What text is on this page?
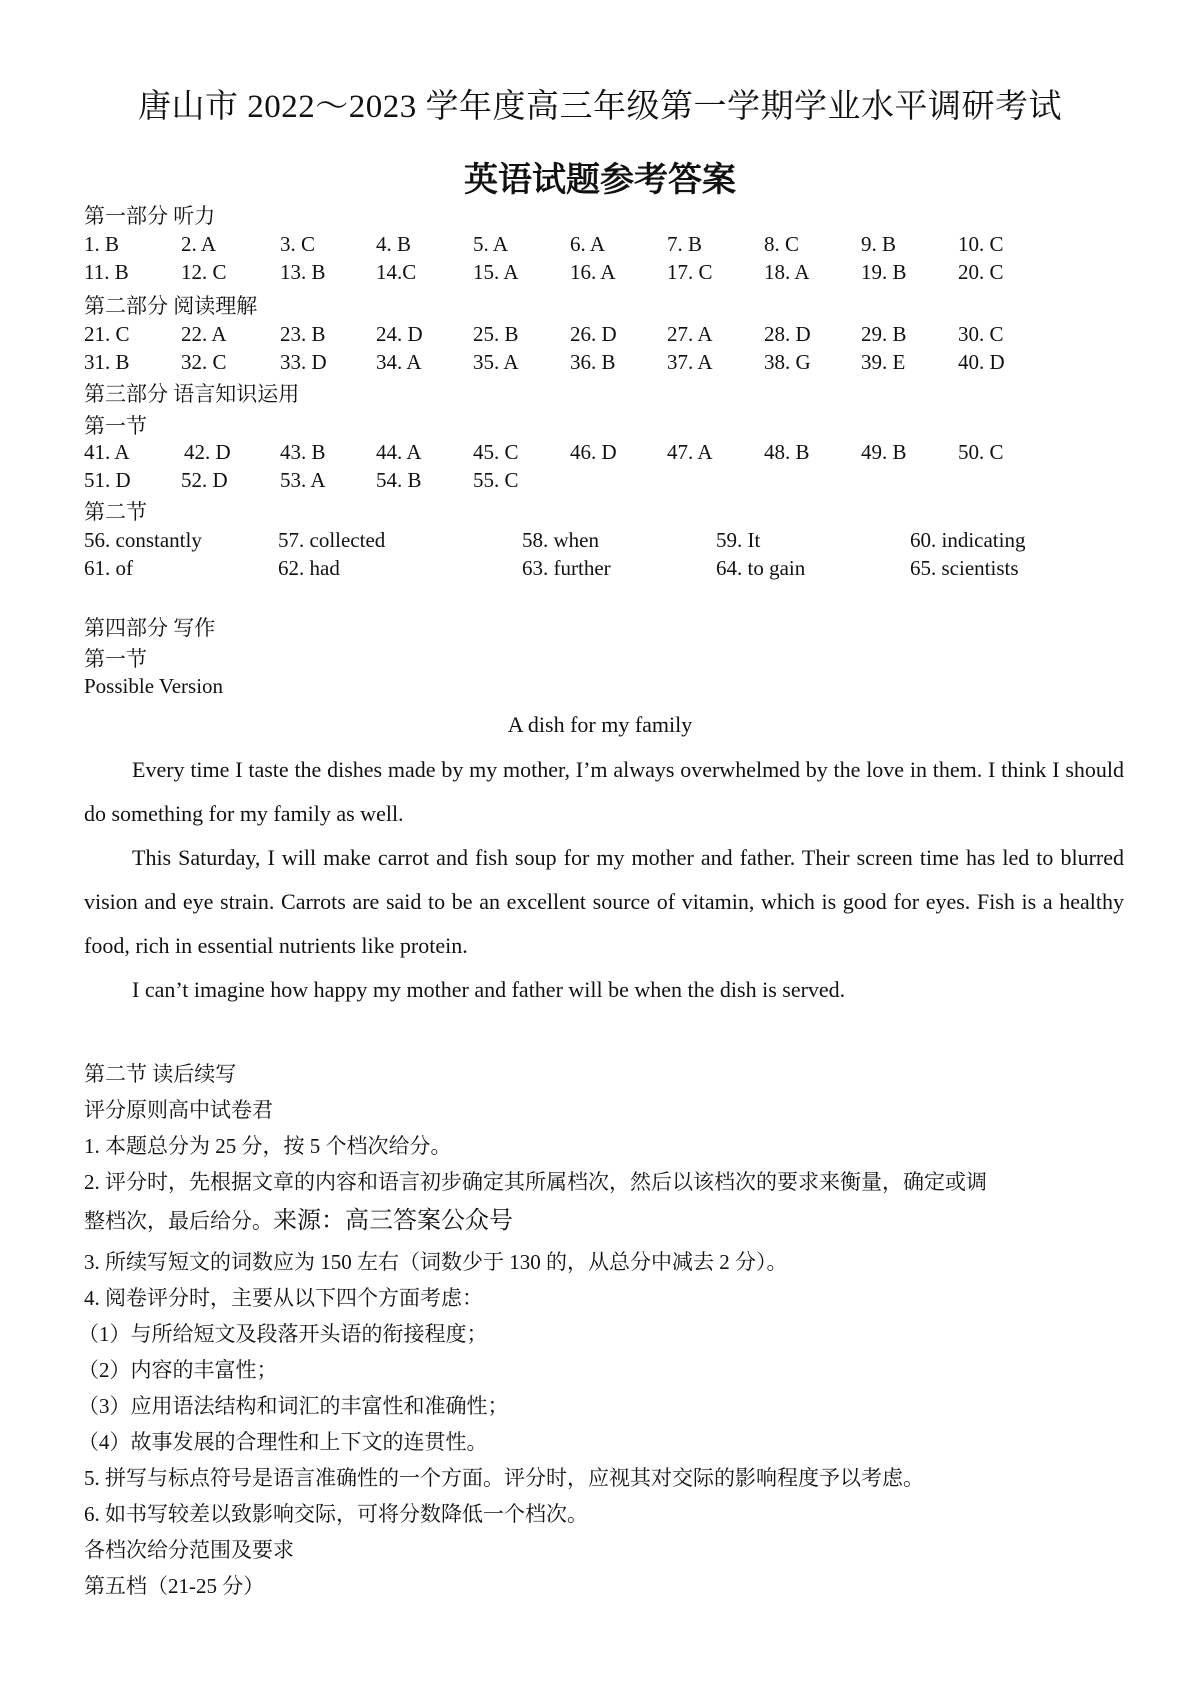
唐山市 2022～2023 学年度高三年级第一学期学业水平调研考试
英语试题参考答案
第一部分 听力
1. B	2. A	3. C	4. B	5. A	6. A	7. B	8. C	9. B	10. C
11. B 12. C	13. B 14.C	15. A 16. A 17. C 18. A 19. B 20. C
第二部分 阅读理解
21. C 22. A	23. B 24. D 25. B 26. D 27. A 28. D 29. B 30. C
31. B 32. C	33. D 34. A 35. A 36. B 37. A 38. G 39. E	40. D
第三部分 语言知识运用
第一节
41. A	42. D 43. B 44. A 45. C 46. D 47. A 48. B 49. B 50. C
51. D 52. D 53. A 54. B 55. C
第二节
56. constantly	57. collected	58. when	59. It	60. indicating
61. of	62. had	63. further	64. to gain	65. scientists
第四部分 写作
第一节
Possible Version
A dish for my family
Every time I taste the dishes made by my mother, I’m always overwhelmed by the love in them. I think I should do something for my family as well.
This Saturday, I will make carrot and fish soup for my mother and father. Their screen time has led to blurred vision and eye strain. Carrots are said to be an excellent source of vitamin, which is good for eyes. Fish is a healthy food, rich in essential nutrients like protein.
I can’t imagine how happy my mother and father will be when the dish is served.
第二节 读后续写
评分原则高中试卷君
1. 本题总分为 25 分，按 5 个档次给分。
2. 评分时，先根据文章的内容和语言初步确定其所属档次，然后以该档次的要求来衡量，确定或调
整档次，最后给分。来源：高三答案公众号
3. 所续写短文的词数应为 150 左右（词数少于 130 的，从总分中减去 2 分）。
4. 阅卷评分时，主要从以下四个方面考虑：
（1）与所给短文及段落开头语的衔接程度；
（2）内容的丰富性；
（3）应用语法结构和词汇的丰富性和准确性；
（4）故事发展的合理性和上下文的连贯性。
5. 拼写与标点符号是语言准确性的一个方面。评分时，应视其对交际的影响程度予以考虑。
6. 如书写较差以致影响交际，可将分数降低一个档次。
各档次给分范围及要求
第五档（21-25 分）
